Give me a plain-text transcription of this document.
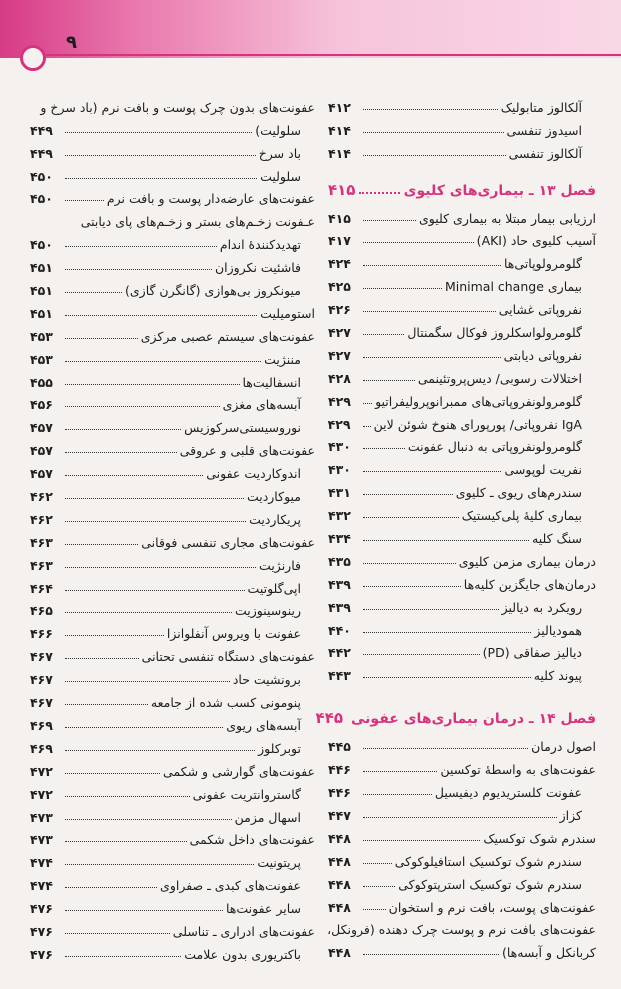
۹
آلکالوز متابولیک
۴۱۲
اسیدوز تنفسی
۴۱۴
آلکالوز تنفسی
۴۱۴
فصل ۱۳ ـ بیماری‌های کلیوی
۴۱۵
ارزیابی بیمار مبتلا به بیماری کلیوی
۴۱۵
آسیب کلیوی حاد (AKI)
۴۱۷
گلومرولوپاتی‌ها
۴۲۴
بیماری Minimal change
۴۲۵
نفروپاتی غشایی
۴۲۶
گلومرولواسکلروز فوکال سگمنتال
۴۲۷
نفروپاتی دیابتی
۴۲۷
اختلالات رسوبی/ دیس‌پروتئینمی
۴۲۸
گلومرولونفروپاتی‌های ممبرانوپرولیفراتیو
۴۲۹
IgA نفروپاتی/ پورپورای هنوخ شوئن لاین
۴۲۹
گلومرولونفروپاتی به دنبال عفونت
۴۳۰
نفریت لوپوسی
۴۳۰
سندرم‌های ریوی ـ کلیوی
۴۳۱
بیماری کلیهٔ پلی‌کیستیک
۴۳۲
سنگ کلیه
۴۳۴
درمان بیماری مزمن کلیوی
۴۳۵
درمان‌های جایگزین کلیه‌ها
۴۳۹
رویکرد به دیالیز
۴۳۹
همودیالیز
۴۴۰
دیالیز صفاقی (PD)
۴۴۲
پیوند کلیه
۴۴۳
فصل ۱۴ ـ درمان بیماری‌های عفونی
۴۴۵
اصول درمان
۴۴۵
عفونت‌های به واسطهٔ توکسین
۴۴۶
عفونت کلستریدیوم دیفیسیل
۴۴۶
کزاز
۴۴۷
سندرم شوک توکسیک
۴۴۸
سندرم شوک توکسیک استافیلوکوکی
۴۴۸
سندرم شوک توکسیک استرپتوکوکی
۴۴۸
عفونت‌های پوست، بافت نرم و استخوان
۴۴۸
عفونت‌های بافت نرم و پوست چرک دهنده (فرونکل،
کربانکل و آبسه‌ها)
۴۴۸
عفونت‌های بدون چرک پوست و بافت نرم (باد سرخ و
سلولیت)
۴۴۹
باد سرخ
۴۴۹
سلولیت
۴۵۰
عفونت‌های عارضه‌دار پوست و بافت نرم
۴۵۰
عـفونت زخـم‌های بستر و زخـم‌های پای دیابتی
تهدیدکنندهٔ اندام
۴۵۰
فاشئیت نکروزان
۴۵۱
میونکروز بی‌هوازی (گانگرن گازی)
۴۵۱
استومیلیت
۴۵۱
عفونت‌های سیستم عصبی مرکزی
۴۵۳
مننژیت
۴۵۳
انسفالیت‌ها
۴۵۵
آبسه‌های مغزی
۴۵۶
نوروسیستی‌سرکوزیس
۴۵۷
عفونت‌های قلبی و عروقی
۴۵۷
اندوکاردیت عفونی
۴۵۷
میوکاردیت
۴۶۲
پریکاردیت
۴۶۲
عفونت‌های مجاری تنفسی فوقانی
۴۶۳
فارنژیت
۴۶۳
اپی‌گلوتیت
۴۶۴
رینوسینوزیت
۴۶۵
عفونت با ویروس آنفلوانزا
۴۶۶
عفونت‌های دستگاه تنفسی تحتانی
۴۶۷
برونشیت حاد
۴۶۷
پنومونی کسب شده از جامعه
۴۶۷
آبسه‌های ریوی
۴۶۹
توبرکلوز
۴۶۹
عفونت‌های گوارشی و شکمی
۴۷۲
گاستروانتریت عفونی
۴۷۲
اسهال مزمن
۴۷۳
عفونت‌های داخل شکمی
۴۷۳
پریتونیت
۴۷۴
عفونت‌های کبدی ـ صفراوی
۴۷۴
سایر عفونت‌ها
۴۷۶
عفونت‌های ادراری ـ تناسلی
۴۷۶
باکتریوری بدون علامت
۴۷۶
